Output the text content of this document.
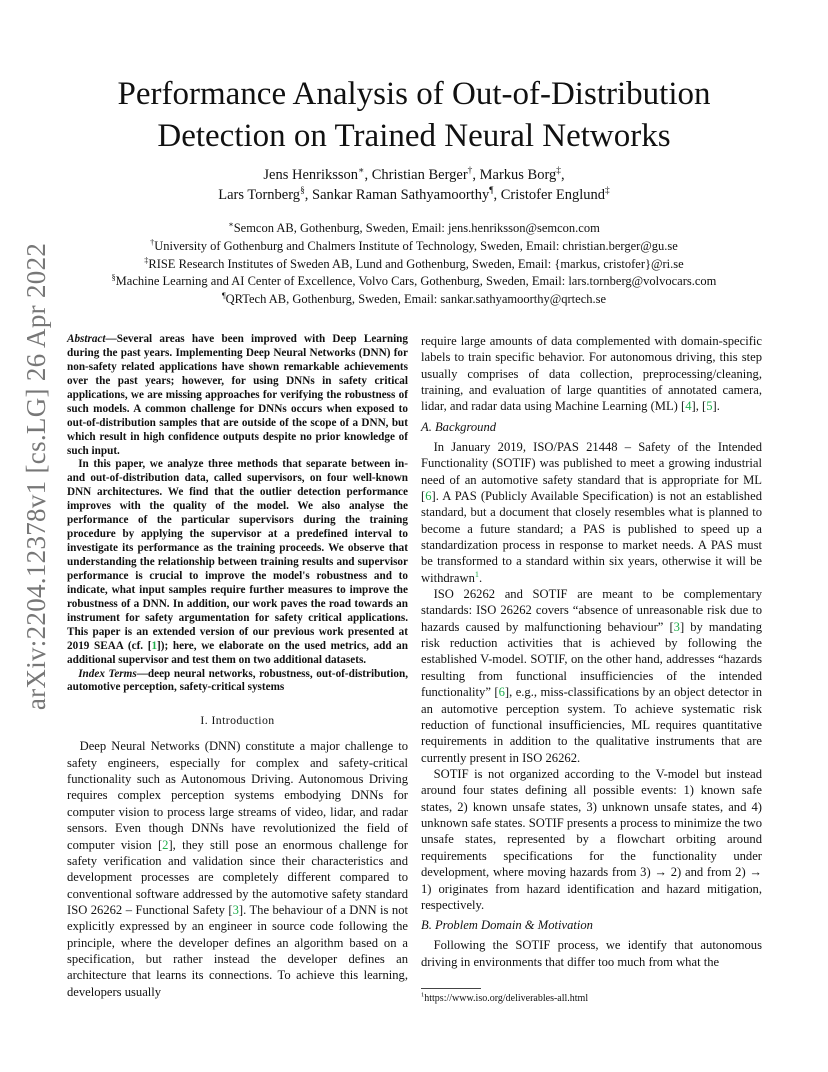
arXiv:2204.12378v1 [cs.LG] 26 Apr 2022
Performance Analysis of Out-of-Distribution
Detection on Trained Neural Networks
Jens Henriksson∗, Christian Berger†, Markus Borg‡,
Lars Tornberg§, Sankar Raman Sathyamoorthy¶, Cristofer Englund‡
∗Semcon AB, Gothenburg, Sweden, Email: jens.henriksson@semcon.com
†University of Gothenburg and Chalmers Institute of Technology, Sweden, Email: christian.berger@gu.se
‡RISE Research Institutes of Sweden AB, Lund and Gothenburg, Sweden, Email: {markus, cristofer}@ri.se
§Machine Learning and AI Center of Excellence, Volvo Cars, Gothenburg, Sweden, Email: lars.tornberg@volvocars.com
¶QRTech AB, Gothenburg, Sweden, Email: sankar.sathyamoorthy@qrtech.se

Abstract—Several areas have been improved with Deep Learning during the past years. Implementing Deep Neural Networks (DNN) for non-safety related applications have shown remarkable achievements over the past years; however, for using DNNs in safety critical applications, we are missing approaches for verifying the robustness of such models. A common challenge for DNNs occurs when exposed to out-of-distribution samples that are outside of the scope of a DNN, but which result in high confidence outputs despite no prior knowledge of such input.

In this paper, we analyze three methods that separate between in- and out-of-distribution data, called supervisors, on four well-known DNN architectures. We find that the outlier detection performance improves with the quality of the model. We also analyse the performance of the particular supervisors during the training procedure by applying the supervisor at a predefined interval to investigate its performance as the training proceeds. We observe that understanding the relationship between training results and supervisor performance is crucial to improve the model's robustness and to indicate, what input samples require further measures to improve the robustness of a DNN. In addition, our work paves the road towards an instrument for safety argumentation for safety critical applications. This paper is an extended version of our previous work presented at 2019 SEAA (cf. [1]); here, we elaborate on the used metrics, add an additional supervisor and test them on two additional datasets.

Index Terms—deep neural networks, robustness, out-of-distribution, automotive perception, safety-critical systems

I. Introduction

Deep Neural Networks (DNN) constitute a major challenge to safety engineers, especially for complex and safety-critical functionality such as Autonomous Driving. Autonomous Driving requires complex perception systems embodying DNNs for computer vision to process large streams of video, lidar, and radar sensors. Even though DNNs have revolutionized the field of computer vision [2], they still pose an enormous challenge for safety verification and validation since their characteristics and development processes are completely different compared to conventional software addressed by the automotive safety standard ISO 26262 – Functional Safety [3]. The behaviour of a DNN is not explicitly expressed by an engineer in source code following the principle, where the developer defines an algorithm based on a specification, but rather instead the developer defines an architecture that learns its connections. To achieve this learning, developers usually

require large amounts of data complemented with domain-specific labels to train specific behavior. For autonomous driving, this step usually comprises of data collection, preprocessing/cleaning, training, and evaluation of large quantities of annotated camera, lidar, and radar data using Machine Learning (ML) [4], [5].

A. Background

In January 2019, ISO/PAS 21448 – Safety of the Intended Functionality (SOTIF) was published to meet a growing industrial need of an automotive safety standard that is appropriate for ML [6]. A PAS (Publicly Available Specification) is not an established standard, but a document that closely resembles what is planned to become a future standard; a PAS is published to speed up a standardization process in response to market needs. A PAS must be transformed to a standard within six years, otherwise it will be withdrawn$^1$.

ISO 26262 and SOTIF are meant to be complementary standards: ISO 26262 covers “absence of unreasonable risk due to hazards caused by malfunctioning behaviour” [3] by mandating risk reduction activities that is achieved by following the established V-model. SOTIF, on the other hand, addresses “hazards resulting from functional insufficiencies of the intended functionality” [6], e.g., miss-classifications by an object detector in an automotive perception system. To achieve systematic risk reduction of functional insufficiencies, ML requires quantitative requirements in addition to the qualitative instruments that are currently present in ISO 26262.

SOTIF is not organized according to the V-model but instead around four states defining all possible events: 1) known safe states, 2) known unsafe states, 3) unknown unsafe states, and 4) unknown safe states. SOTIF presents a process to minimize the two unsafe states, represented by a flowchart orbiting around requirements specifications for the functionality under development, where moving hazards from 3) → 2) and from 2) → 1) originates from hazard identification and hazard mitigation, respectively.

B. Problem Domain & Motivation

Following the SOTIF process, we identify that autonomous driving in environments that differ too much from what the

$^1$https://www.iso.org/deliverables-all.html
